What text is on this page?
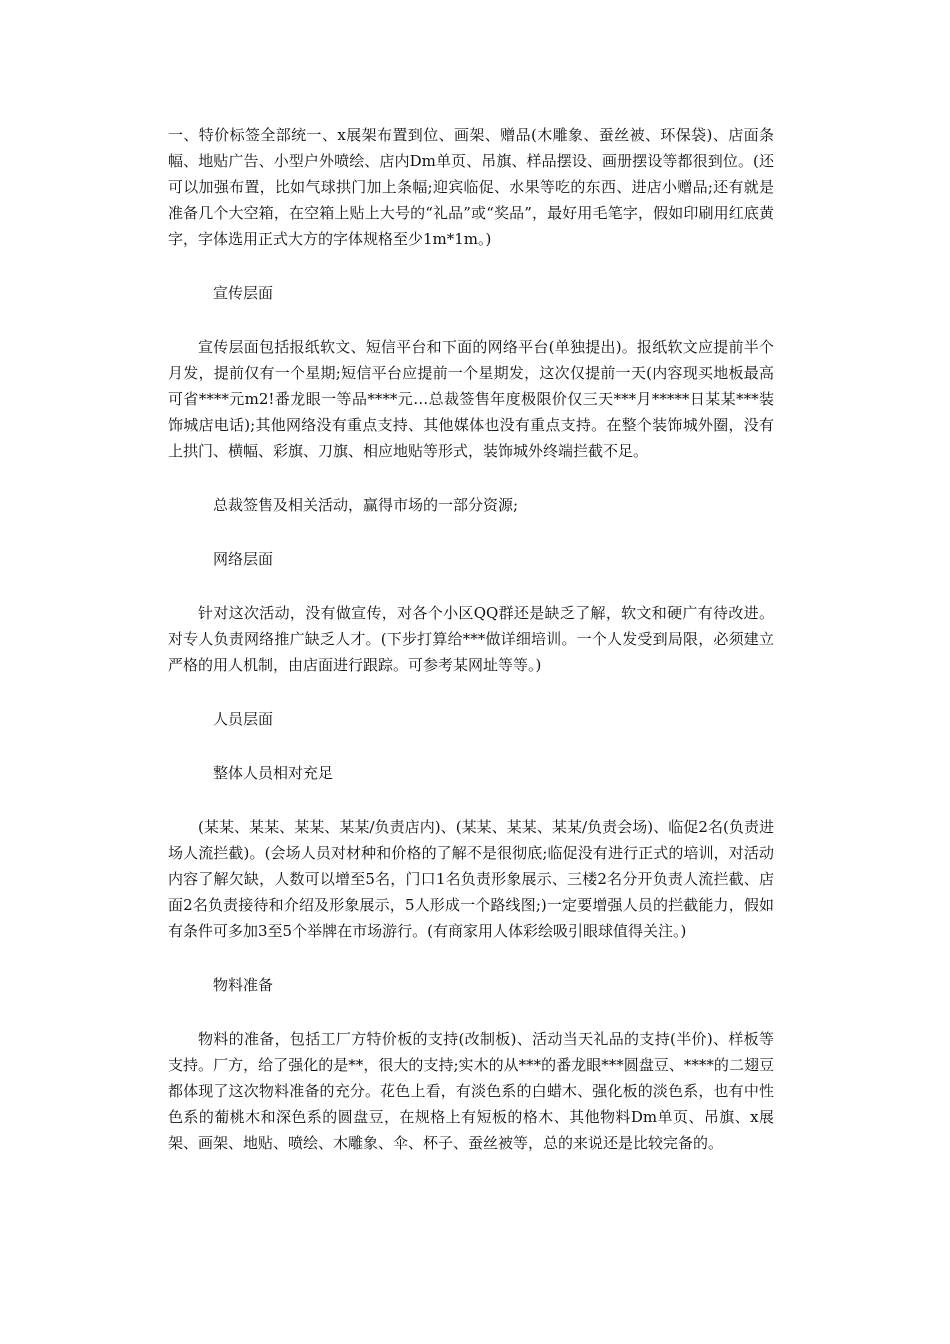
一、特价标签全部统一、x展架布置到位、画架、赠品(木雕象、蚕丝被、环保袋)、店面条幅、地贴广告、小型户外喷绘、店内Dm单页、吊旗、样品摆设、画册摆设等都很到位。(还可以加强布置，比如气球拱门加上条幅;迎宾临促、水果等吃的东西、进店小赠品;还有就是准备几个大空箱，在空箱上贴上大号的“礼品”或“奖品”，最好用毛笔字，假如印刷用红底黄字，字体选用正式大方的字体规格至少1m*1m。)

宣传层面

宣传层面包括报纸软文、短信平台和下面的网络平台(单独提出)。报纸软文应提前半个月发，提前仅有一个星期;短信平台应提前一个星期发，这次仅提前一天(内容现买地板最高可省****元m2!番龙眼一等品****元…总裁签售年度极限价仅三天***月*****日某某***装饰城店电话);其他网络没有重点支持、其他媒体也没有重点支持。在整个装饰城外圈，没有上拱门、横幅、彩旗、刀旗、相应地贴等形式，装饰城外终端拦截不足。

总裁签售及相关活动，赢得市场的一部分资源;

网络层面

针对这次活动，没有做宣传，对各个小区QQ群还是缺乏了解，软文和硬广有待改进。对专人负责网络推广缺乏人才。(下步打算给***做详细培训。一个人发受到局限，必须建立严格的用人机制，由店面进行跟踪。可参考某网址等等。)

人员层面

整体人员相对充足

(某某、某某、某某、某某/负责店内)、(某某、某某、某某/负责会场)、临促2名(负责进场人流拦截)。(会场人员对材种和价格的了解不是很彻底;临促没有进行正式的培训，对活动内容了解欠缺，人数可以增至5名，门口1名负责形象展示、三楼2名分开负责人流拦截、店面2名负责接待和介绍及形象展示，5人形成一个路线图;)一定要增强人员的拦截能力，假如有条件可多加3至5个举牌在市场游行。(有商家用人体彩绘吸引眼球值得关注。)

物料准备

物料的准备，包括工厂方特价板的支持(改制板)、活动当天礼品的支持(半价)、样板等支持。厂方，给了强化的是**，很大的支持;实木的从***的番龙眼***圆盘豆、****的二翅豆都体现了这次物料准备的充分。花色上看，有淡色系的白蜡木、强化板的淡色系，也有中性色系的葡桃木和深色系的圆盘豆，在规格上有短板的格木、其他物料Dm单页、吊旗、x展架、画架、地贴、喷绘、木雕象、伞、杯子、蚕丝被等，总的来说还是比较完备的。
